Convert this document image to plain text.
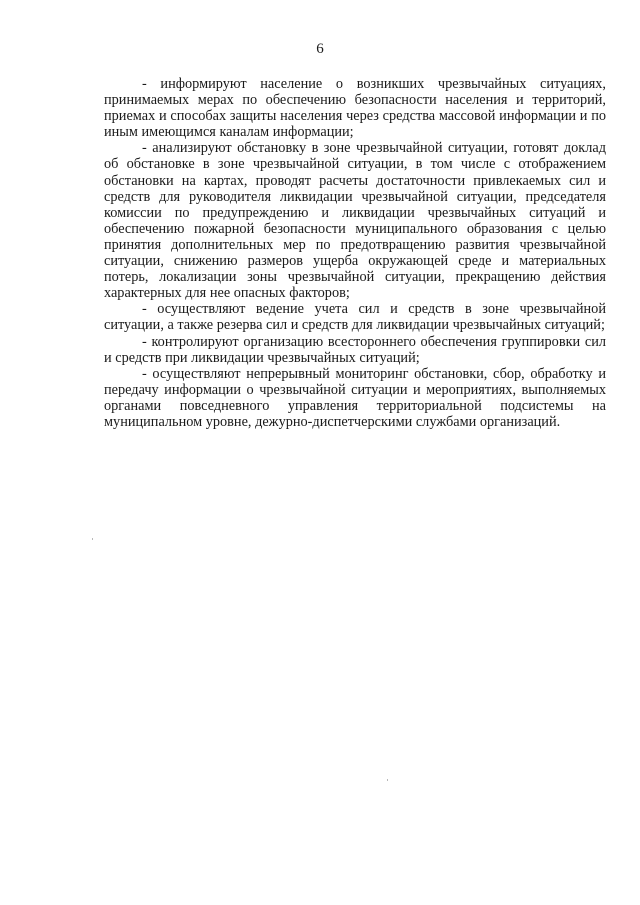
6

- информируют население о возникших чрезвычайных ситуациях, принимаемых мерах по обеспечению безопасности населения и территорий, приемах и способах защиты населения через средства массовой информации и по иным имеющимся каналам информации;

- анализируют обстановку в зоне чрезвычайной ситуации, готовят доклад об обстановке в зоне чрезвычайной ситуации, в том числе с отображением обстановки на картах, проводят расчеты достаточности привлекаемых сил и средств для руководителя ликвидации чрезвычайной ситуации, председателя комиссии по предупреждению и ликвидации чрезвычайных ситуаций и обеспечению пожарной безопасности муниципального образования с целью принятия дополнительных мер по предотвращению развития чрезвычайной ситуации, снижению размеров ущерба окружающей среде и материальных потерь, локализации зоны чрезвычайной ситуации, прекращению действия характерных для нее опасных факторов;

- осуществляют ведение учета сил и средств в зоне чрезвычайной ситуации, а также резерва сил и средств для ликвидации чрезвычайных ситуаций;

- контролируют организацию всестороннего обеспечения группировки сил и средств при ликвидации чрезвычайных ситуаций;

- осуществляют непрерывный мониторинг обстановки, сбор, обработку и передачу информации о чрезвычайной ситуации и мероприятиях, выполняемых органами повседневного управления территориальной подсистемы на муниципальном уровне, дежурно-диспетчерскими службами организаций.
